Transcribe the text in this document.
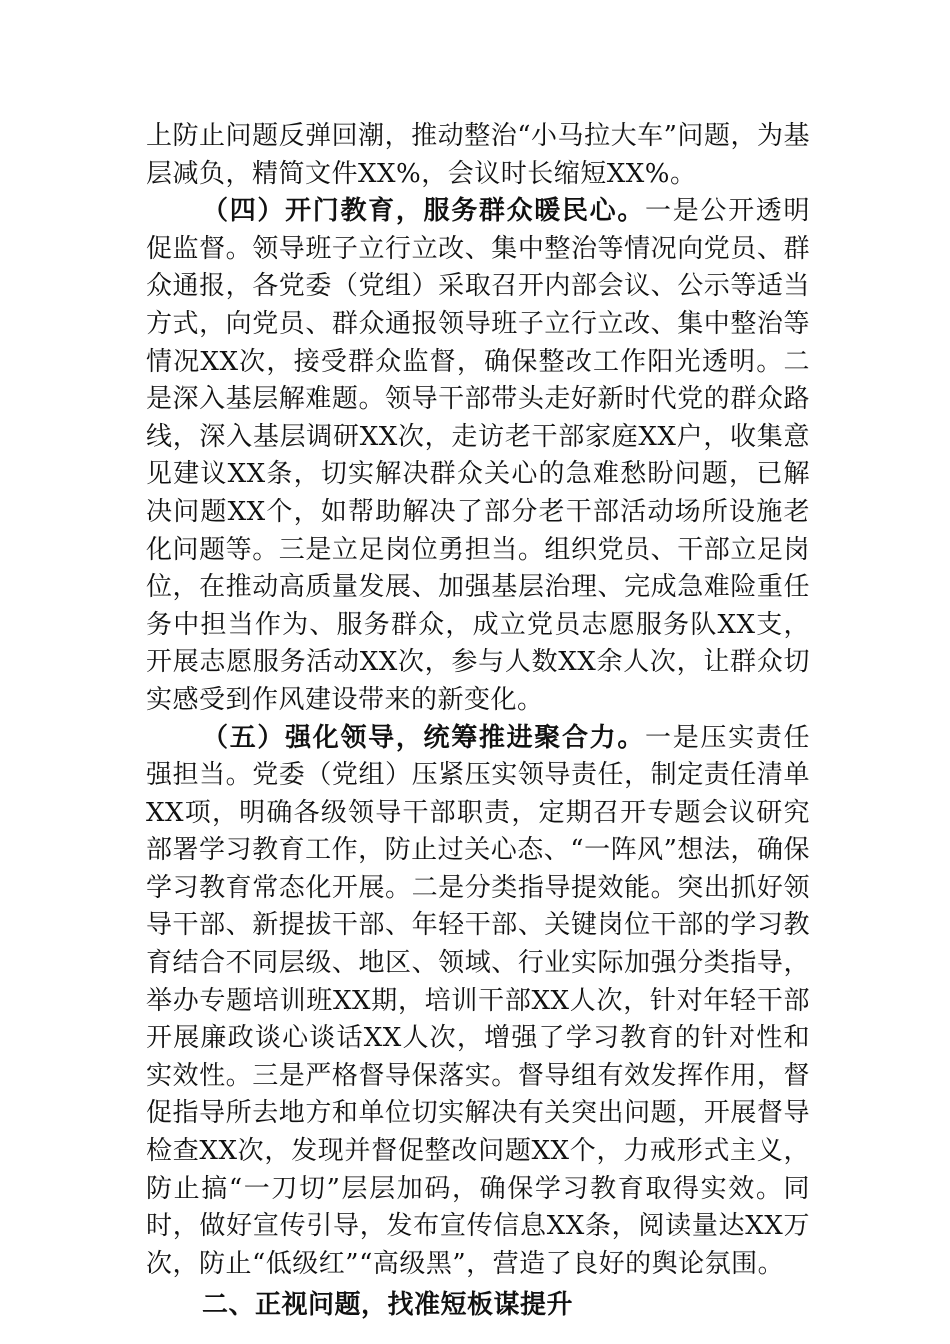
上防止问题反弹回潮，推动整治“小马拉大车”问题，为基层减负，精简文件XX%，会议时长缩短XX%。

（四）开门教育，服务群众暖民心。一是公开透明促监督。领导班子立行立改、集中整治等情况向党员、群众通报，各党委（党组）采取召开内部会议、公示等适当方式，向党员、群众通报领导班子立行立改、集中整治等情况XX次，接受群众监督，确保整改工作阳光透明。二是深入基层解难题。领导干部带头走好新时代党的群众路线，深入基层调研XX次，走访老干部家庭XX户，收集意见建议XX条，切实解决群众关心的急难愁盼问题，已解决问题XX个，如帮助解决了部分老干部活动场所设施老化问题等。三是立足岗位勇担当。组织党员、干部立足岗位，在推动高质量发展、加强基层治理、完成急难险重任务中担当作为、服务群众，成立党员志愿服务队XX支，开展志愿服务活动XX次，参与人数XX余人次，让群众切实感受到作风建设带来的新变化。

（五）强化领导，统筹推进聚合力。一是压实责任强担当。党委（党组）压紧压实领导责任，制定责任清单XX项，明确各级领导干部职责，定期召开专题会议研究部署学习教育工作，防止过关心态、“一阵风”想法，确保学习教育常态化开展。二是分类指导提效能。突出抓好领导干部、新提拔干部、年轻干部、关键岗位干部的学习教育结合不同层级、地区、领域、行业实际加强分类指导，举办专题培训班XX期，培训干部XX人次，针对年轻干部开展廉政谈心谈话XX人次，增强了学习教育的针对性和实效性。三是严格督导保落实。督导组有效发挥作用，督促指导所去地方和单位切实解决有关突出问题，开展督导检查XX次，发现并督促整改问题XX个，力戒形式主义，防止搞“一刀切”层层加码，确保学习教育取得实效。同时，做好宣传引导，发布宣传信息XX条，阅读量达XX万次，防止“低级红”“高级黑”，营造了良好的舆论氛围。

二、正视问题，找准短板谋提升
